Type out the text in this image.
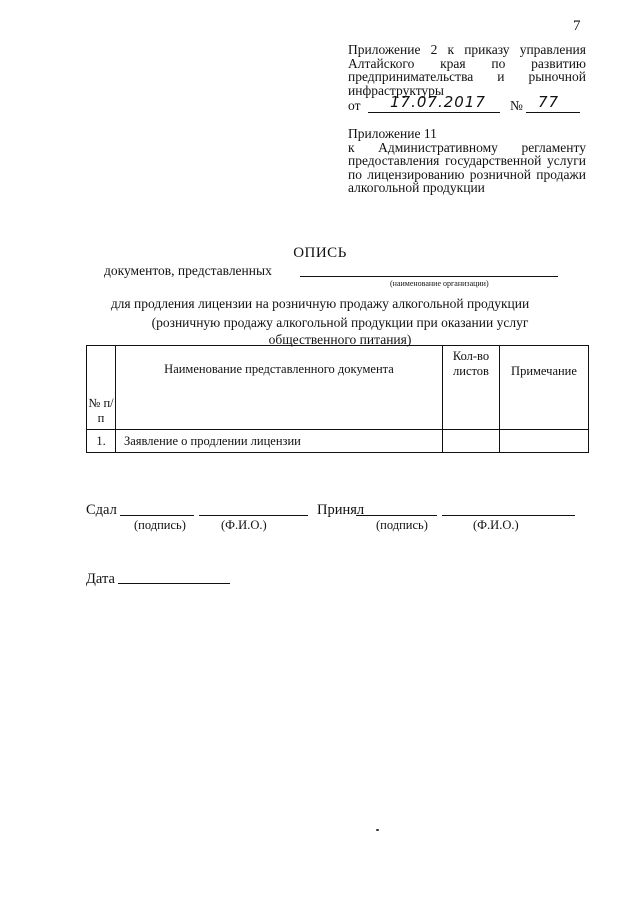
7
Приложение 2 к приказу управления Алтайского края по развитию предпринимательства и рыночной инфраструктуры
от 17.07.2017 № 77
Приложение 11
к Административному регламенту предоставления государственной услуги по лицензированию розничной продажи алкогольной продукции
ОПИСЬ
документов, представленных
(наименование организации)
для продления лицензии на розничную продажу алкогольной продукции
(розничную продажу алкогольной продукции при оказании услуг общественного питания)
№ п/п	Наименование представленного документа	Кол-во листов	Примечание
1.	Заявление о продлении лицензии		
Сдал
(подпись)	(Ф.И.О.)
Принял
(подпись)	(Ф.И.О.)
Дата
